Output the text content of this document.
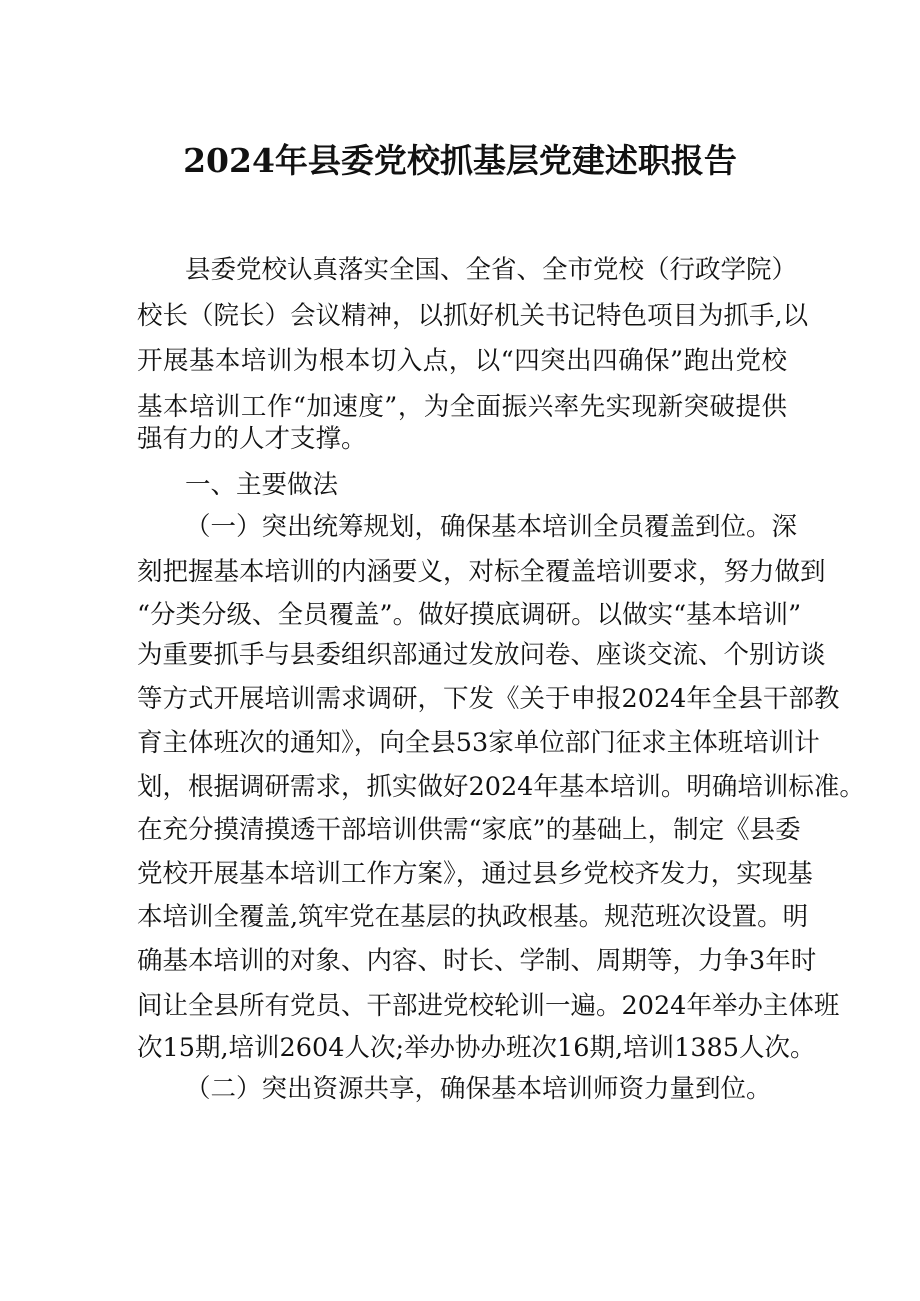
2024年县委党校抓基层党建述职报告

县委党校认真落实全国、全省、全市党校（行政学院）

校长（院长）会议精神，以抓好机关书记特色项目为抓手,以

开展基本培训为根本切入点，以“四突出四确保”跑出党校

基本培训工作“加速度”，为全面振兴率先实现新突破提供

强有力的人才支撑。

一、主要做法

（一）突出统筹规划，确保基本培训全员覆盖到位。深

刻把握基本培训的内涵要义，对标全覆盖培训要求，努力做到

“分类分级、全员覆盖”。做好摸底调研。以做实“基本培训”

为重要抓手与县委组织部通过发放问卷、座谈交流、个别访谈

等方式开展培训需求调研，下发《关于申报2024年全县干部教

育主体班次的通知》，向全县53家单位部门征求主体班培训计

划，根据调研需求，抓实做好2024年基本培训。明确培训标准。

在充分摸清摸透干部培训供需“家底”的基础上，制定《县委

党校开展基本培训工作方案》，通过县乡党校齐发力，实现基

本培训全覆盖,筑牢党在基层的执政根基。规范班次设置。明

确基本培训的对象、内容、时长、学制、周期等，力争3年时

间让全县所有党员、干部进党校轮训一遍。2024年举办主体班

次15期,培训2604人次;举办协办班次16期,培训1385人次。

（二）突出资源共享，确保基本培训师资力量到位。
